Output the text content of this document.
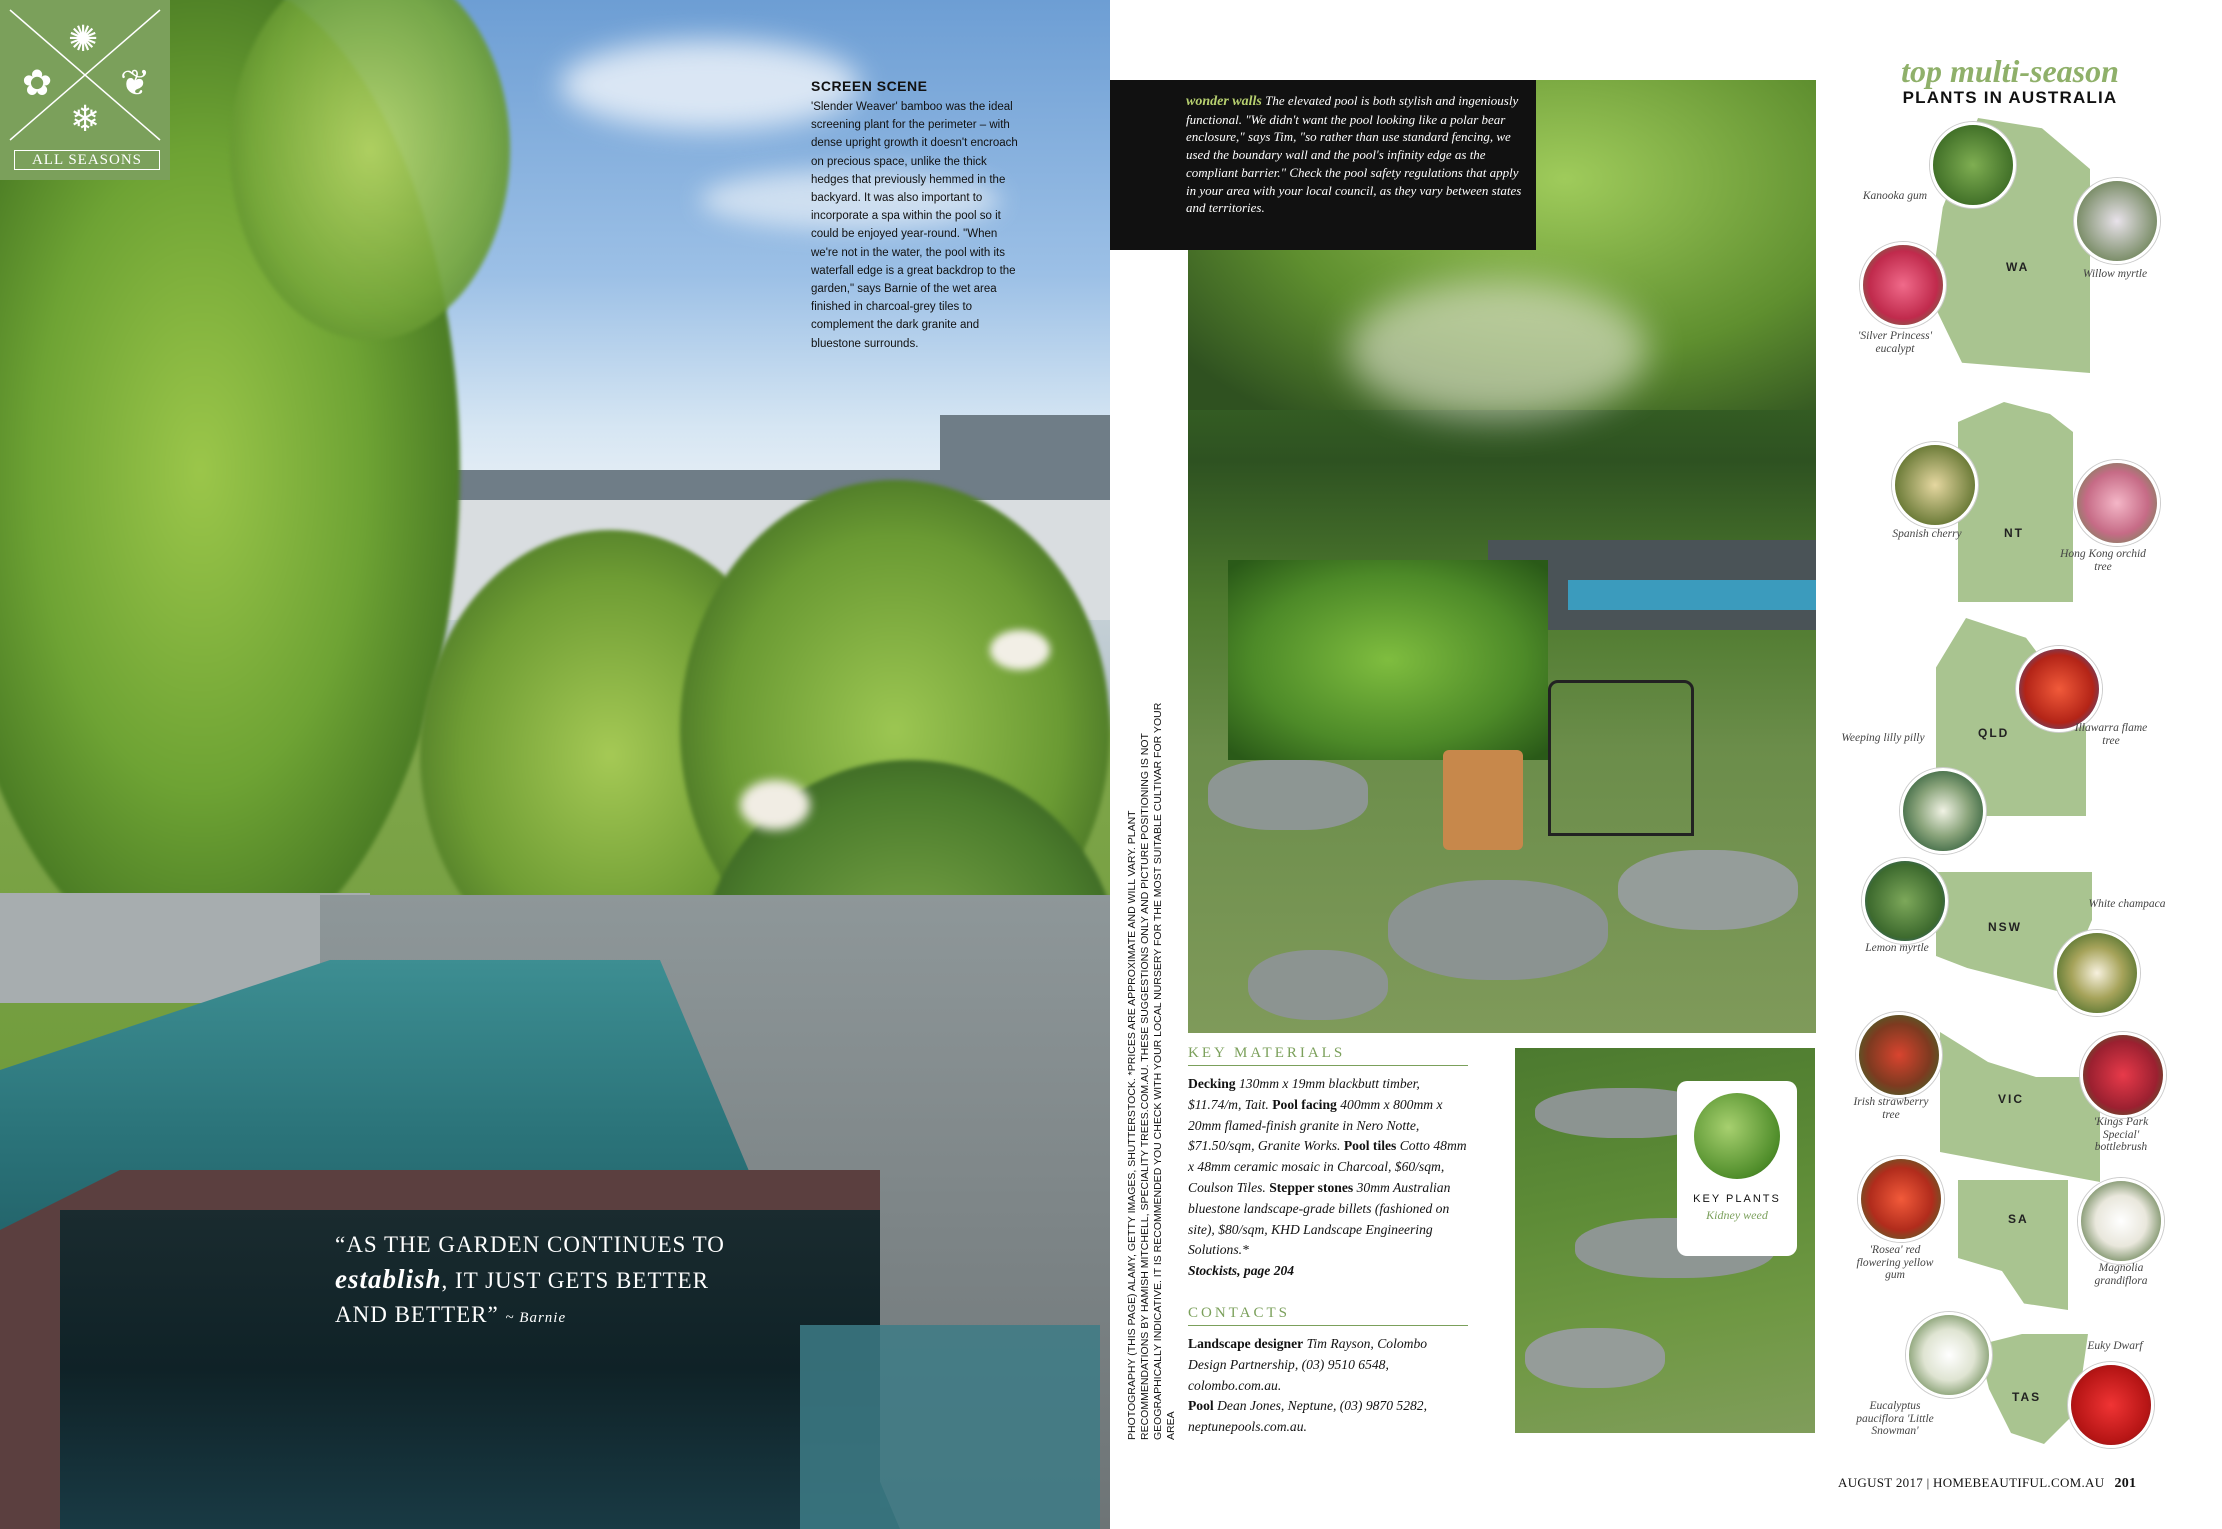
✺
✿ ❦
❄
ALL SEASONS
SCREEN SCENE
'Slender Weaver' bamboo was the ideal screening plant for the perimeter – with dense upright growth it doesn't encroach on precious space, unlike the thick hedges that previously hemmed in the backyard. It was also important to incorporate a spa within the pool so it could be enjoyed year-round. "When we're not in the water, the pool with its waterfall edge is a great backdrop to the garden," says Barnie of the wet area finished in charcoal-grey tiles to complement the dark granite and bluestone surrounds.
“AS THE GARDEN CONTINUES TO establish, IT JUST GETS BETTER AND BETTER” ~ Barnie	PHOTOGRAPHY (THIS PAGE) ALAMY, GETTY IMAGES, SHUTTERSTOCK. *PRICES ARE APPROXIMATE AND WILL VARY. PLANT RECOMMENDATIONS BY HAMISH MITCHELL, SPECIALITY TREES.COM.AU. THESE SUGGESTIONS ONLY AND PICTURE POSITIONING IS NOT GEOGRAPHICALLY INDICATIVE. IT IS RECOMMENDED YOU CHECK WITH YOUR LOCAL NURSERY FOR THE MOST SUITABLE CULTIVAR FOR YOUR AREA
wonder walls The elevated pool is both stylish and ingeniously functional. "We didn't want the pool looking like a polar bear enclosure," says Tim, "so rather than use standard fencing, we used the boundary wall and the pool's infinity edge as the compliant barrier." Check the pool safety regulations that apply in your area with your local council, as they vary between states and territories.
KEY MATERIALS
Decking 130mm x 19mm blackbutt timber, $11.74/m, Tait. Pool facing 400mm x 800mm x 20mm flamed-finish granite in Nero Notte, $71.50/sqm, Granite Works. Pool tiles Cotto 48mm x 48mm ceramic mosaic in Charcoal, $60/sqm, Coulson Tiles. Stepper stones 30mm Australian bluestone landscape-grade billets (fashioned on site), $80/sqm, KHD Landscape Engineering Solutions.*
Stockists, page 204
CONTACTS
Landscape designer Tim Rayson, Colombo Design Partnership, (03) 9510 6548, colombo.com.au.
Pool Dean Jones, Neptune, (03) 9870 5282, neptunepools.com.au.
KEY PLANTS
Kidney weed
AUGUST 2017 | HOMEBEAUTIFUL.COM.AU 201
top multi-season
PLANTS IN AUSTRALIA
WA
Kanooka gum
Willow myrtle
'Silver Princess' eucalypt
NT
Spanish cherry
Hong Kong orchid tree
QLD	Illawarra flame tree
Weeping lilly pilly
NSW
Lemon myrtle
White champaca
VIC
Irish strawberry tree
'Kings Park Special' bottlebrush
SA
'Rosea' red flowering yellow gum
Magnolia grandiflora
TAS
Eucalyptus pauciflora 'Little Snowman'
Euky Dwarf
